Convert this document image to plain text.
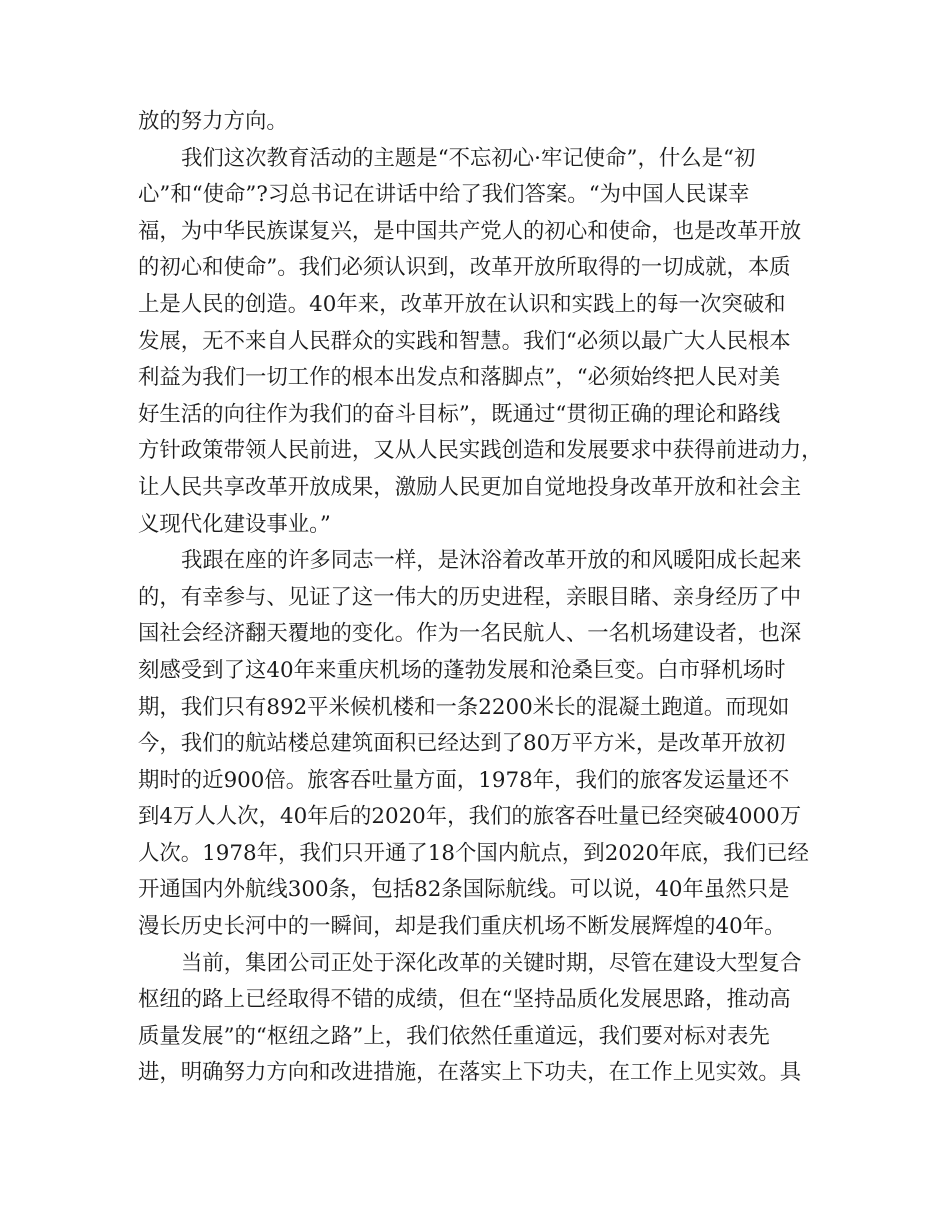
放的努力方向。
我们这次教育活动的主题是“不忘初心·牢记使命”，什么是“初
心”和“使命”?习总书记在讲话中给了我们答案。“为中国人民谋幸
福，为中华民族谋复兴，是中国共产党人的初心和使命，也是改革开放
的初心和使命”。我们必须认识到，改革开放所取得的一切成就，本质
上是人民的创造。40年来，改革开放在认识和实践上的每一次突破和
发展，无不来自人民群众的实践和智慧。我们“必须以最广大人民根本
利益为我们一切工作的根本出发点和落脚点”，“必须始终把人民对美
好生活的向往作为我们的奋斗目标”，既通过“贯彻正确的理论和路线
方针政策带领人民前进，又从人民实践创造和发展要求中获得前进动力，
让人民共享改革开放成果，激励人民更加自觉地投身改革开放和社会主
义现代化建设事业。”
我跟在座的许多同志一样，是沐浴着改革开放的和风暖阳成长起来
的，有幸参与、见证了这一伟大的历史进程，亲眼目睹、亲身经历了中
国社会经济翻天覆地的变化。作为一名民航人、一名机场建设者，也深
刻感受到了这40年来重庆机场的蓬勃发展和沧桑巨变。白市驿机场时
期，我们只有892平米候机楼和一条2200米长的混凝土跑道。而现如
今，我们的航站楼总建筑面积已经达到了80万平方米，是改革开放初
期时的近900倍。旅客吞吐量方面，1978年，我们的旅客发运量还不
到4万人人次，40年后的2020年，我们的旅客吞吐量已经突破4000万
人次。1978年，我们只开通了18个国内航点，到2020年底，我们已经
开通国内外航线300条，包括82条国际航线。可以说，40年虽然只是
漫长历史长河中的一瞬间，却是我们重庆机场不断发展辉煌的40年。
当前，集团公司正处于深化改革的关键时期，尽管在建设大型复合
枢纽的路上已经取得不错的成绩，但在“坚持品质化发展思路，推动高
质量发展”的“枢纽之路”上，我们依然任重道远，我们要对标对表先
进，明确努力方向和改进措施，在落实上下功夫，在工作上见实效。具
